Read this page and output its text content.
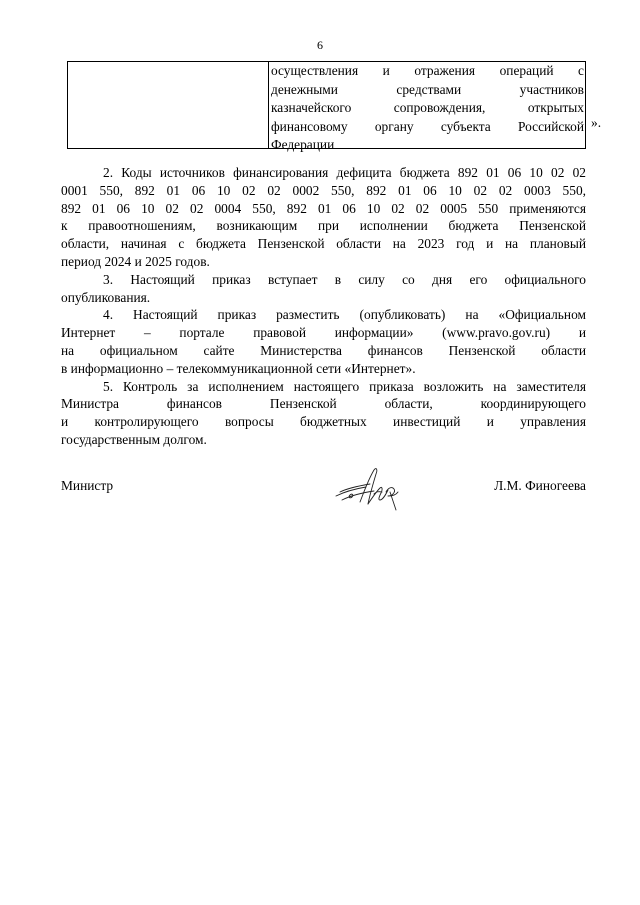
6
осуществления и отражения операций с
денежными средствами участников
казначейского сопровождения, открытых
финансовому органу субъекта Российской
Федерации
».
2. Коды источников финансирования дефицита бюджета 892 01 06 10 02 02
0001 550, 892 01 06 10 02 02 0002 550, 892 01 06 10 02 02 0003 550,
892 01 06 10 02 02 0004 550, 892 01 06 10 02 02 0005 550 применяются
к правоотношениям, возникающим при исполнении бюджета Пензенской
области, начиная с бюджета Пензенской области на 2023 год и на плановый
период 2024 и 2025 годов.
3. Настоящий приказ вступает в силу со дня его официального
опубликования.
4. Настоящий приказ разместить (опубликовать) на «Официальном
Интернет – портале правовой информации» (www.pravo.gov.ru) и
на официальном сайте Министерства финансов Пензенской области
в информационно – телекоммуникационной сети «Интернет».
5. Контроль за исполнением настоящего приказа возложить на заместителя
Министра финансов Пензенской области, координирующего
и контролирующего вопросы бюджетных инвестиций и управления
государственным долгом.
Министр	Л.М. Финогеева
